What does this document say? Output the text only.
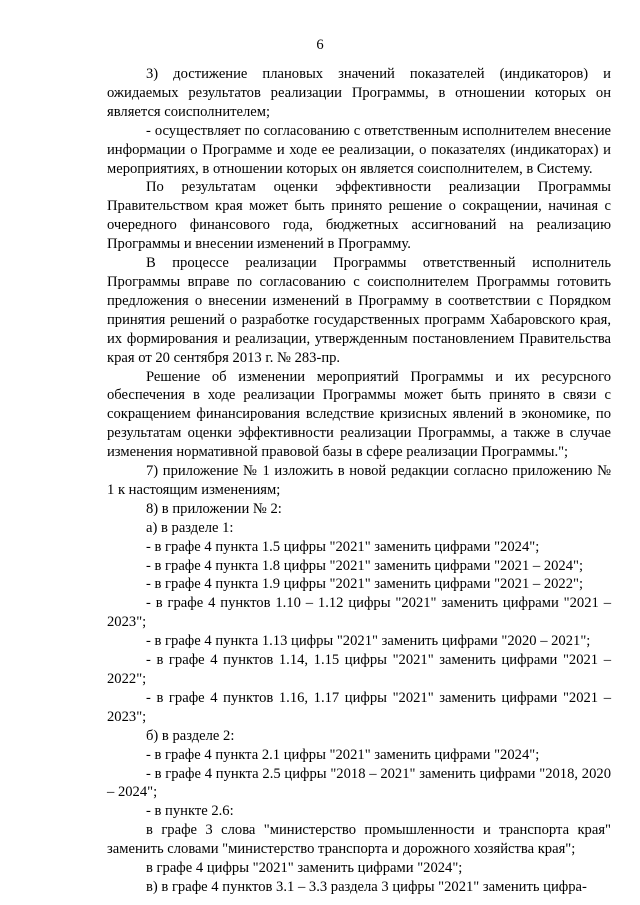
6

3) достижение плановых значений показателей (индикаторов) и ожидаемых результатов реализации Программы, в отношении которых он является соисполнителем;

- осуществляет по согласованию с ответственным исполнителем внесение информации о Программе и ходе ее реализации, о показателях (индикаторах) и мероприятиях, в отношении которых он является соисполнителем, в Систему.

По результатам оценки эффективности реализации Программы Правительством края может быть принято решение о сокращении, начиная с очередного финансового года, бюджетных ассигнований на реализацию Программы и внесении изменений в Программу.

В процессе реализации Программы ответственный исполнитель Программы вправе по согласованию с соисполнителем Программы готовить предложения о внесении изменений в Программу в соответствии с Порядком принятия решений о разработке государственных программ Хабаровского края, их формирования и реализации, утвержденным постановлением Правительства края от 20 сентября 2013 г. № 283-пр.

Решение об изменении мероприятий Программы и их ресурсного обеспечения в ходе реализации Программы может быть принято в связи с сокращением финансирования вследствие кризисных явлений в экономике, по результатам оценки эффективности реализации Программы, а также в случае изменения нормативной правовой базы в сфере реализации Программы.";

7) приложение № 1 изложить в новой редакции согласно приложению № 1 к настоящим изменениям;

8) в приложении № 2:

а) в разделе 1:

- в графе 4 пункта 1.5 цифры "2021" заменить цифрами "2024";

- в графе 4 пункта 1.8 цифры "2021" заменить цифрами "2021 – 2024";

- в графе 4 пункта 1.9 цифры "2021" заменить цифрами "2021 – 2022";

- в графе 4 пунктов 1.10 – 1.12 цифры "2021" заменить цифрами "2021 – 2023";

- в графе 4 пункта 1.13 цифры "2021" заменить цифрами "2020 – 2021";

- в графе 4 пунктов 1.14, 1.15 цифры "2021" заменить цифрами "2021 – 2022";

- в графе 4 пунктов 1.16, 1.17 цифры "2021" заменить цифрами "2021 – 2023";

б) в разделе 2:

- в графе 4 пункта 2.1 цифры "2021" заменить цифрами "2024";

- в графе 4 пункта 2.5 цифры "2018 – 2021" заменить цифрами "2018, 2020 – 2024";

- в пункте 2.6:

в графе 3 слова "министерство промышленности и транспорта края" заменить словами "министерство транспорта и дорожного хозяйства края";

в графе 4 цифры "2021" заменить цифрами "2024";

в) в графе 4 пунктов 3.1 – 3.3 раздела 3 цифры "2021" заменить цифра-
